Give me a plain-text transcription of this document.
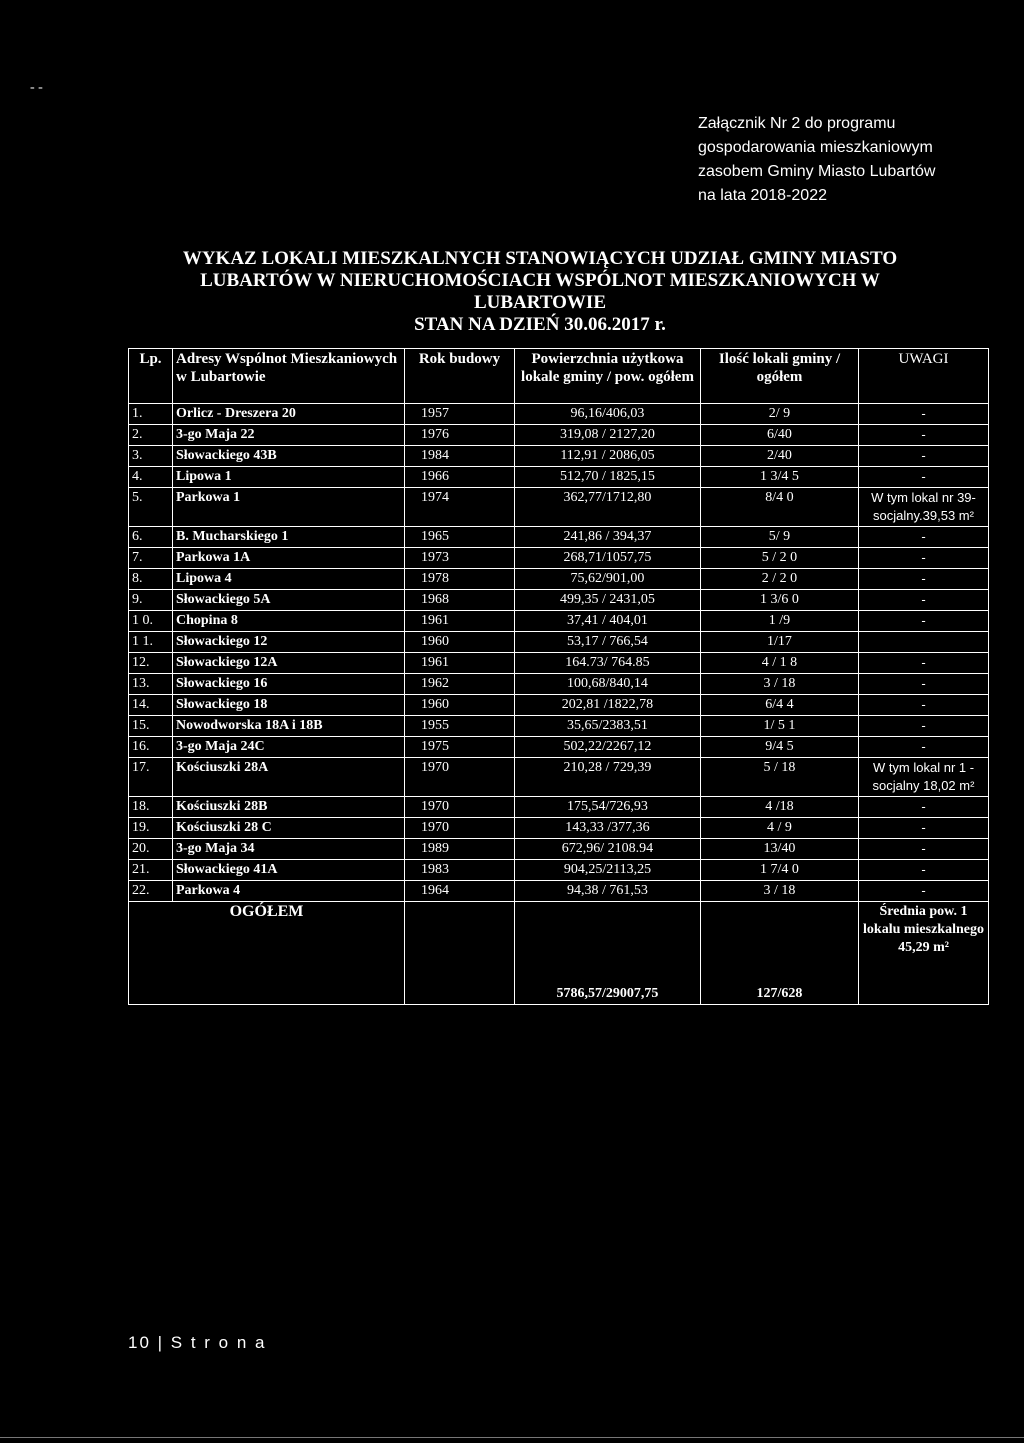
- -
Załącznik Nr 2 do programu
gospodarowania mieszkaniowym
zasobem Gminy Miasto Lubartów
na lata 2018-2022
WYKAZ LOKALI MIESZKALNYCH STANOWIĄCYCH UDZIAŁ GMINY MIASTO
LUBARTÓW W NIERUCHOMOŚCIACH WSPÓLNOT MIESZKANIOWYCH W
LUBARTOWIE
STAN NA DZIEŃ 30.06.2017 r.
Lp.	Adresy Wspólnot Mieszkaniowych w Lubartowie	Rok budowy	Powierzchnia użytkowa lokale gminy / pow. ogółem	Ilość lokali gminy / ogółem	UWAGI
1.	Orlicz - Dreszera 20	1957	96,16/406,03	2/ 9	-
2.	3-go Maja 22	1976	319,08 / 2127,20	6/40	-
3.	Słowackiego 43B	1984	112,91 / 2086,05	2/40	-
4.	Lipowa 1	1966	512,70 / 1825,15	1 3/4 5	-
5.	Parkowa 1	1974	362,77/1712,80	8/4 0	W tym lokal nr 39- socjalny.39,53 m²
6.	B. Mucharskiego 1	1965	241,86 / 394,37	5/ 9	-
7.	Parkowa 1A	1973	268,71/1057,75	5 / 2 0	-
8.	Lipowa 4	1978	75,62/901,00	2 / 2 0	-
9.	Słowackiego 5A	1968	499,35 / 2431,05	1 3/6 0	-
1 0.	Chopina 8	1961	37,41 / 404,01	1 /9	-
1 1.	Słowackiego 12	1960	53,17 / 766,54	1/17	
12.	Słowackiego 12A	1961	164.73/ 764.85	4 / 1 8	-
13.	Słowackiego 16	1962	100,68/840,14	3 / 18	-
14.	Słowackiego 18	1960	202,81 /1822,78	6/4 4	-
15.	Nowodworska 18A i 18B	1955	35,65/2383,51	1/ 5 1	-
16.	3-go Maja 24C	1975	502,22/2267,12	9/4 5	-
17.	Kościuszki 28A	1970	210,28 / 729,39	5 / 18	W tym lokal nr 1 - socjalny 18,02 m²
18.	Kościuszki 28B	1970	175,54/726,93	4 /18	-
19.	Kościuszki 28 C	1970	143,33 /377,36	4 / 9	-
20.	3-go Maja 34	1989	672,96/ 2108.94	13/40	-
21.	Słowackiego 41A	1983	904,25/2113,25	1 7/4 0	-
22.	Parkowa 4	1964	94,38 / 761,53	3 / 18	-
OGÓŁEM			5786,57/29007,75	127/628	Średnia pow. 1 lokalu mieszkalnego 45,29 m²
10 | S t r o n a
